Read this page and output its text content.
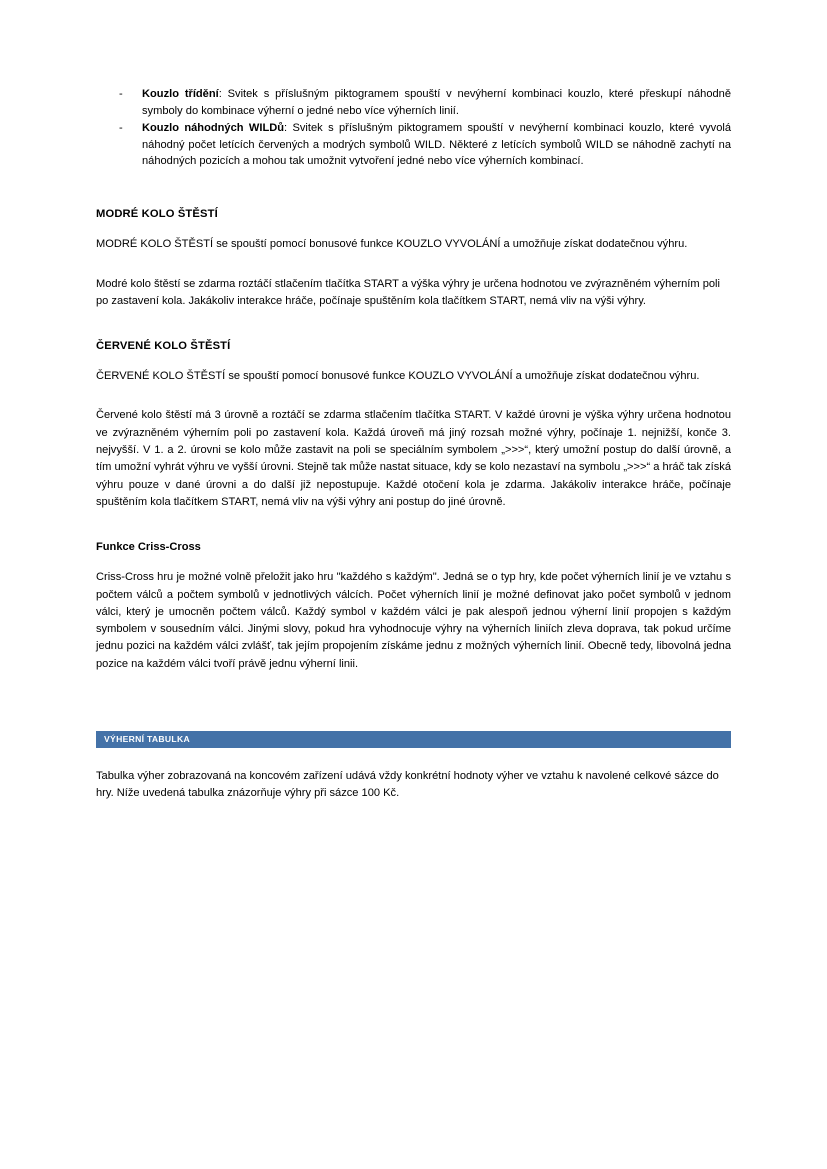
- Kouzlo třídění: Svitek s příslušným piktogramem spouští v nevýherní kombinaci kouzlo, které přeskupí náhodně symboly do kombinace výherní o jedné nebo více výherních linií.
- Kouzlo náhodných WILDů: Svitek s příslušným piktogramem spouští v nevýherní kombinaci kouzlo, které vyvolá náhodný počet letících červených a modrých symbolů WILD. Některé z letících symbolů WILD se náhodně zachytí na náhodných pozicích a mohou tak umožnit vytvoření jedné nebo více výherních kombinací.
MODRÉ KOLO ŠTĚSTÍ

MODRÉ KOLO ŠTĚSTÍ se spouští pomocí bonusové funkce KOUZLO VYVOLÁNÍ a umožňuje získat dodatečnou výhru.

Modré kolo štěstí se zdarma roztáčí stlačením tlačítka START a výška výhry je určena hodnotou ve zvýrazněném výherním poli po zastavení kola. Jakákoliv interakce hráče, počínaje spuštěním kola tlačítkem START, nemá vliv na výši výhry.

ČERVENÉ KOLO ŠTĚSTÍ

ČERVENÉ KOLO ŠTĚSTÍ se spouští pomocí bonusové funkce KOUZLO VYVOLÁNÍ a umožňuje získat dodatečnou výhru.

Červené kolo štěstí má 3 úrovně a roztáčí se zdarma stlačením tlačítka START. V každé úrovni je výška výhry určena hodnotou ve zvýrazněném výherním poli po zastavení kola. Každá úroveň má jiný rozsah možné výhry, počínaje 1. nejnižší, konče 3. nejvyšší. V 1. a 2. úrovni se kolo může zastavit na poli se speciálním symbolem „>>>“, který umožní postup do další úrovně, a tím umožní vyhrát výhru ve vyšší úrovni. Stejně tak může nastat situace, kdy se kolo nezastaví na symbolu „>>>“ a hráč tak získá výhru pouze v dané úrovni a do další již nepostupuje. Každé otočení kola je zdarma. Jakákoliv interakce hráče, počínaje spuštěním kola tlačítkem START, nemá vliv na výši výhry ani postup do jiné úrovně.

Funkce Criss-Cross

Criss-Cross hru je možné volně přeložit jako hru "každého s každým". Jedná se o typ hry, kde počet výherních linií je ve vztahu s počtem válců a počtem symbolů v jednotlivých válcích. Počet výherních linií je možné definovat jako počet symbolů v jednom válci, který je umocněn počtem válců. Každý symbol v každém válci je pak alespoň jednou výherní linií propojen s každým symbolem v sousedním válci. Jinými slovy, pokud hra vyhodnocuje výhry na výherních liniích zleva doprava, tak pokud určíme jednu pozici na každém válci zvlášť, tak jejím propojením získáme jednu z možných výherních linií. Obecně tedy, libovolná jedna pozice na každém válci tvoří právě jednu výherní linii.

VÝHERNÍ TABULKA

Tabulka výher zobrazovaná na koncovém zařízení udává vždy konkrétní hodnoty výher ve vztahu k navolené celkové sázce do hry. Níže uvedená tabulka znázorňuje výhry při sázce 100 Kč.
